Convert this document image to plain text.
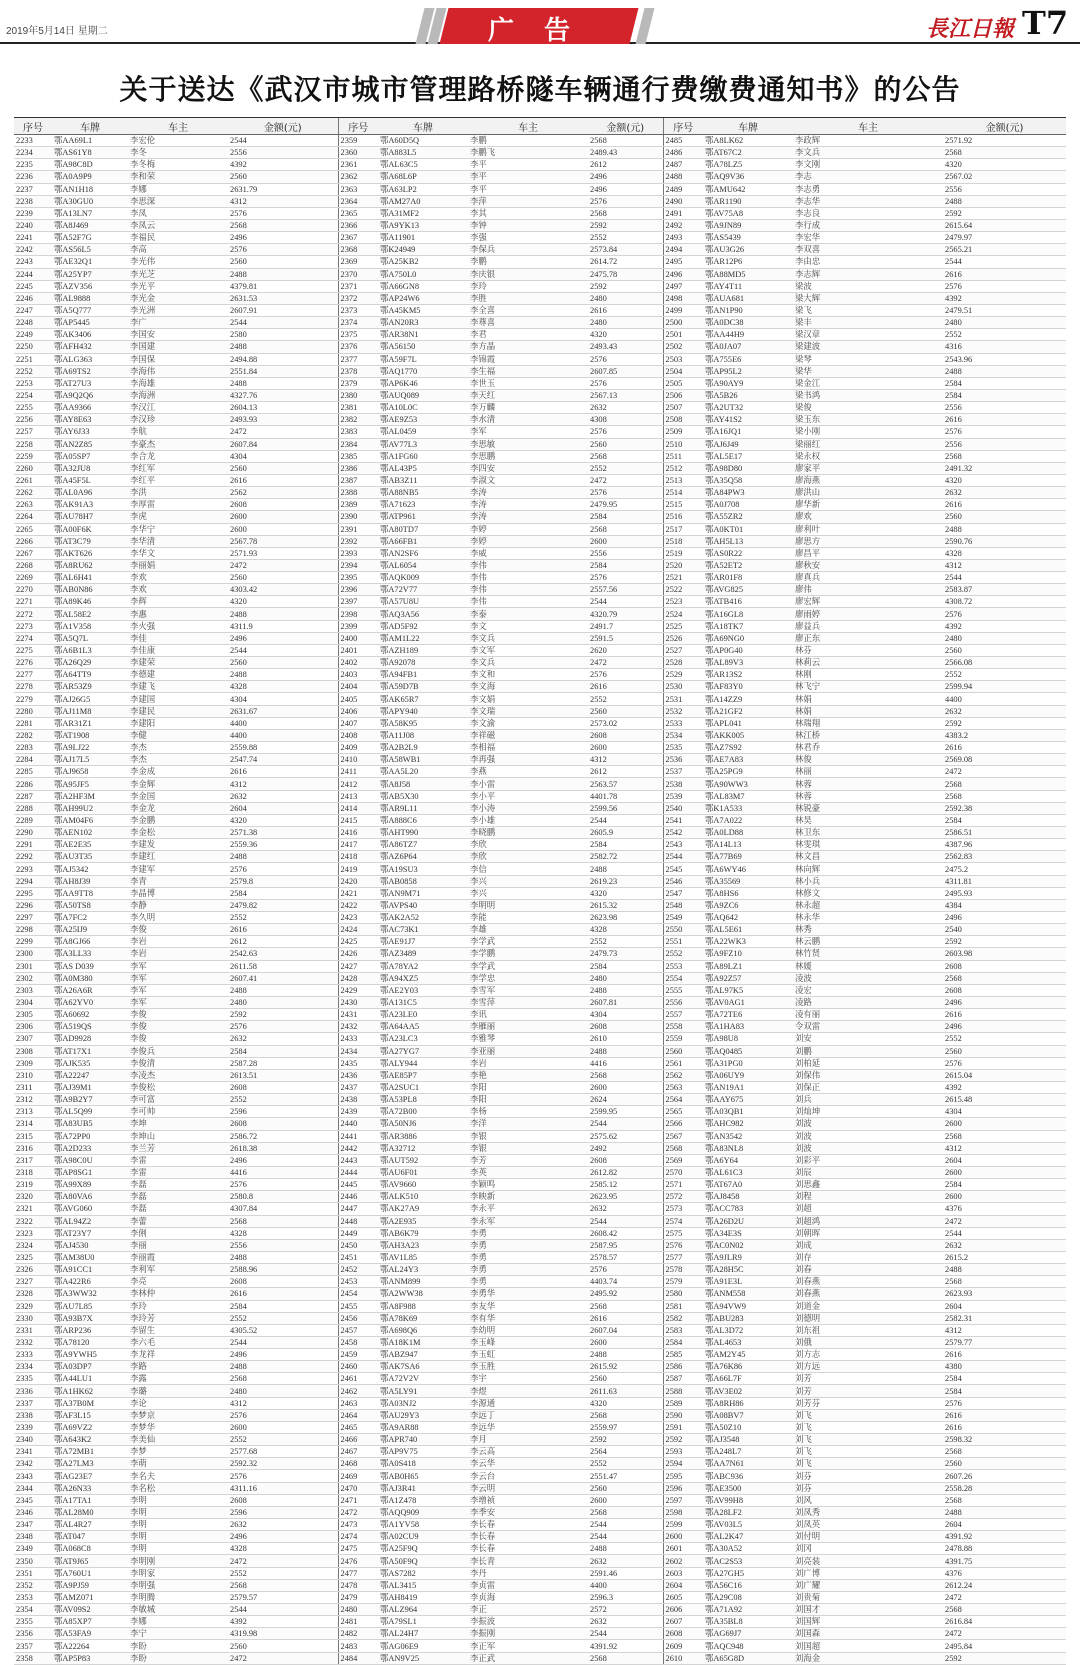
2019年5月14日 星期二	广告	長江日報 T7
关于送达《武汉市城市管理路桥隧车辆通行费缴费通知书》的公告
序号	车牌	车主	金额(元)	序号	车牌	车主	金额(元)	序号	车牌	车主	金额(元)
2233	鄂AA69L1	李宏伦	2544	2359	鄂A60D5Q	李鹏	2568	2485	鄂A8LK62	李政辉	2571.92
2234	鄂AS61Y8	李冬	2556	2360	鄂A883L5	李鹏飞	2489.43	2486	鄂AT67C2	李文兵	2568
2235	鄂A98C8D	李冬梅	4392	2361	鄂AL63C5	李平	2612	2487	鄂A78LZ5	李文刚	4320
2236	鄂A0A9P9	李和荣	2560	2362	鄂A68L6P	李平	2496	2488	鄂AQ9V36	李志	2567.02
2237	鄂AN1H18	李娜	2631.79	2363	鄂A63LP2	李平	2496	2489	鄂AMU642	李志勇	2556
2238	鄂A30GU0	李思深	4312	2364	鄂AM27A0	李萍	2576	2490	鄂AR1190	李志华	2488
2239	鄂A13LN7	李凤	2576	2365	鄂A31MF2	李其	2568	2491	鄂AV75A8	李志良	2592
2240	鄂A8J469	李凤云	2568	2366	鄂A9YK13	李钟	2592	2492	鄂A9JN89	李行成	2615.64
2241	鄂A52F7G	李福民	2496	2367	鄂A11901	李强	2552	2493	鄂AS5439	李宏华	2479.97
2242	鄂AS56L5	李高	2576	2368	鄂K24949	李保兵	2573.84	2494	鄂AU3G26	李双喜	2565.21
2243	鄂AE32Q1	李光伟	2560	2369	鄂A25KB2	李鹏	2614.72	2495	鄂AR12P6	李由忠	2544
2244	鄂A25YP7	李光芝	2488	2370	鄂A750L0	李庆银	2475.78	2496	鄂A88MD5	李志辉	2616
2245	鄂AZV356	李光平	4379.81	2371	鄂A66GN8	李玲	2592	2497	鄂AY4T11	梁波	2576
2246	鄂AL9888	李光金	2631.53	2372	鄂AP24W6	李胜	2480	2498	鄂AUA681	梁大辉	4392
2247	鄂A5Q777	李光洲	2607.91	2373	鄂A45KM5	李全喜	2616	2499	鄂AN1P90	梁飞	2479.51
2248	鄂AP5445	李广	2544	2374	鄂AN20R3	李尊喜	2480	2500	鄂A0DC38	梁丰	2480
2249	鄂AK3406	李国安	2580	2375	鄂AR38N1	李君	4320	2501	鄂AA44H9	梁汉章	2552
2250	鄂AFH432	李国建	2488	2376	鄂A56150	李方晶	2493.43	2502	鄂A0JA07	梁建波	4316
2251	鄂ALG363	李国保	2494.88	2377	鄂A59F7L	李锦霞	2576	2503	鄂A755E6	梁琴	2543.96
2252	鄂A69TS2	李海伟	2551.84	2378	鄂AQ1770	李生福	2607.85	2504	鄂AP95L2	梁华	2488
2253	鄂AT27U3	李海雄	2488	2379	鄂AP6K46	李世玉	2576	2505	鄂A90AY9	梁金江	2584
2254	鄂A9Q2Q6	李海洲	4327.76	2380	鄂AUQ089	李天红	2567.13	2506	鄂A5B26	梁书鸿	2584
2255	鄂AA9366	李汉江	2604.13	2381	鄂A10L0C	李万麟	2632	2507	鄂A2UT32	梁俊	2556
2256	鄂AY8E63	李汉珍	2493.93	2382	鄂AE9Z53	李水清	4308	2508	鄂AY41S2	梁玉东	2616
2257	鄂AY6J33	李航	2472	2383	鄂AL0459	李军	2576	2509	鄂A16JQ1	梁小刚	2576
2258	鄂AN2Z85	李豪杰	2607.84	2384	鄂AV77L3	李思敏	2560	2510	鄂AJ6J49	梁丽红	2556
2259	鄂A05SP7	李合龙	4304	2385	鄂A1FG60	李思鹏	2568	2511	鄂AL5E17	梁永权	2568
2260	鄂A32JU8	李红军	2560	2386	鄂AL43P5	李四安	2552	2512	鄂A98D80	廖家平	2491.32
2261	鄂A45F5L	李红平	2616	2387	鄂AB3Z11	李淑文	2472	2513	鄂A35Q58	廖海燕	4320
2262	鄂AL0A96	李洪	2562	2388	鄂A88NB5	李涛	2576	2514	鄂A84PW3	廖洪山	2632
2263	鄂AK91A3	李厚雷	2608	2389	鄂A71623	李涛	2479.95	2515	鄂A0J708	廖华新	2616
2264	鄂AU78H7	李虎	2600	2390	鄂ATP961	李涛	2584	2516	鄂A55ZR2	廖欢	2560
2265	鄂A00F6K	李华宁	2600	2391	鄂A80TD7	李婷	2568	2517	鄂A0KT01	廖利叶	2488
2266	鄂AT3C79	李华清	2567.78	2392	鄂A66FB1	李婷	2600	2518	鄂AH5L13	廖思方	2590.76
2267	鄂AKT626	李华文	2571.93	2393	鄂AN2SF6	李威	2556	2519	鄂AS0R22	廖昌平	4328
2268	鄂A8RU62	李丽娟	2472	2394	鄂AL6054	李伟	2584	2520	鄂A52ET2	廖秋安	4312
2269	鄂AL6H41	李欢	2560	2395	鄂AQK009	李伟	2576	2521	鄂AR01F8	廖真兵	2544
2270	鄂AB0N86	李欢	4303.42	2396	鄂A72V77	李伟	2557.56	2522	鄂AVG825	廖伟	2583.87
2271	鄂A89K46	李辉	4320	2397	鄂A57U8U	李伟	2544	2523	鄂ATB416	廖宏辉	4308.72
2272	鄂AL58E2	李惠	2488	2398	鄂AQ3A56	李泰	4320.79	2524	鄂A16GL8	廖雨婷	2576
2273	鄂A1V358	李火强	4311.9	2399	鄂AD5F92	李文	2491.7	2525	鄂A18TK7	廖益兵	4392
2274	鄂A5Q7L	李佳	2496	2400	鄂AM1L22	李文兵	2591.5	2526	鄂A69NG0	廖正东	2480
2275	鄂A6B1L3	李佳康	2544	2401	鄂AZH189	李文军	2620	2527	鄂AP0G40	林芬	2560
2276	鄂A26Q29	李建荣	2560	2402	鄂A92078	李文兵	2472	2528	鄂AL89V3	林莉云	2566.08
2277	鄂A64TT9	李德建	2488	2403	鄂A94FB1	李文和	2576	2529	鄂AR13S2	林刚	2552
2278	鄂AR53Z9	李建飞	4328	2404	鄂A59D7B	李文海	2616	2530	鄂AF83Y0	林飞宁	2599.94
2279	鄂AJ26G5	李建国	4304	2405	鄂AK65R7	李文娟	2552	2531	鄂A14ZZ9	林娟	4400
2280	鄂AJ11M8	李建民	2631.67	2406	鄂APY940	李文瑞	2560	2532	鄂A21GF2	林娟	2632
2281	鄂AR31Z1	李建阳	4400	2407	鄂A58K95	李文渝	2573.02	2533	鄂APL041	林瑞翔	2592
2282	鄂AT1908	李健	4400	2408	鄂A11J08	李祥磁	2608	2534	鄂AKK005	林江桥	4383.2
2283	鄂A9LJ22	李杰	2559.88	2409	鄂A2B2L9	李相福	2600	2535	鄂AZ7S92	林君乔	2616
2284	鄂AJ17L5	李杰	2547.74	2410	鄂A58WB1	李再强	4312	2536	鄂AE7A83	林俊	2569.08
2285	鄂AJ9658	李金成	2616	2411	鄂AA5L20	李燕	2612	2537	鄂A25PG9	林丽	2472
2286	鄂A95JF5	李金辉	4312	2412	鄂A8J58	李小雷	2563.57	2538	鄂A90WW3	林蓉	2568
2287	鄂A2HF3M	李金国	2632	2413	鄂AB5X30	李小平	4401.78	2539	鄂AL83M7	林蓉	2568
2288	鄂AH99U2	李金龙	2604	2414	鄂AR9L11	李小涛	2599.56	2540	鄂K1A533	林锐豪	2592.38
2289	鄂AM04F6	李金鹏	4320	2415	鄂A888C6	李小雄	2544	2541	鄂A7A022	林昊	2584
2290	鄂AEN102	李金松	2571.38	2416	鄂AHT990	李晓鹏	2605.9	2542	鄂A0LD88	林卫东	2586.51
2291	鄂AE2E35	李建发	2559.36	2417	鄂A86TZ7	李欣	2584	2543	鄂A14L13	林雯琪	4387.96
2292	鄂AU3T35	李建红	2488	2418	鄂AZ6P64	李欣	2582.72	2544	鄂A77B69	林文昌	2562.83
2293	鄂AJ5342	李建军	2576	2419	鄂A19SU3	李信	2488	2545	鄂A6WY46	林向辉	2475.2
2294	鄂AH8J39	李青	2579.8	2420	鄂AB0858	李兴	2619.23	2546	鄂A35569	林小兵	4311.81
2295	鄂AA9TT8	李晶博	2584	2421	鄂AN9M71	李兴	4320	2547	鄂A8HS6	林修文	2495.93
2296	鄂A50TS8	李静	2479.82	2422	鄂AVPS40	李明明	2615.32	2548	鄂A9ZC6	林永超	4384
2297	鄂A7FC2	李久明	2552	2423	鄂AK2A52	李能	2623.98	2549	鄂AQ642	林永华	2496
2298	鄂A25IJ9	李俊	2616	2424	鄂AC73K1	李雄	4328	2550	鄂AL5E61	林秀	2540
2299	鄂A8GJ66	李岩	2612	2425	鄂AE91J7	李学武	2552	2551	鄂A22WK3	林云鹏	2592
2300	鄂A3LL33	李岩	2542.63	2426	鄂AZ3489	李学鹏	2479.73	2552	鄂A9FZ10	林竹贤	2603.98
2301	鄂AS D039	李军	2611.58	2427	鄂A78YA2	李学武	2584	2553	鄂A89LZ1	林媛	2608
2302	鄂A0M380	李军	2607.41	2428	鄂A94XZ5	李学忠	2480	2554	鄂A92Z57	凌波	2568
2303	鄂A26A6R	李军	2488	2429	鄂AE2Y03	李雪军	2488	2555	鄂AL97K5	凌宏	2608
2304	鄂A62YV0	李军	2480	2430	鄂A131C5	李雪萍	2607.81	2556	鄂AV0AG1	凌路	2496
2305	鄂A60692	李俊	2592	2431	鄂A23LE0	李讯	4304	2557	鄂A72TE6	凌有丽	2616
2306	鄂A519QS	李俊	2576	2432	鄂A64AA5	李雁丽	2608	2558	鄂A1HA83	令双雷	2496
2307	鄂AD9928	李俊	2632	2433	鄂A23LC3	李雅琴	2610	2559	鄂A98U8	刘安	2552
2308	鄂AT17X1	李俊兵	2584	2434	鄂A27YG7	李亚丽	2488	2560	鄂AQ0485	刘鹏	2560
2309	鄂AJK535	李俊清	2587.28	2435	鄂ALY944	李岩	4416	2561	鄂A31PG0	刘柏延	2576
2310	鄂A22247	李凌杰	2613.51	2436	鄂AE85P7	李艳	2568	2562	鄂A06UY9	刘保伟	2615.04
2311	鄂AJ39M1	李俊松	2608	2437	鄂A2SUC1	李阳	2600	2563	鄂AN19A1	刘保正	4392
2312	鄂A9B2Y7	李可富	2552	2438	鄂A53PL8	李阳	2624	2564	鄂AAY675	刘兵	2615.48
2313	鄂AL5Q99	李可帅	2596	2439	鄂A72B00	李杨	2599.95	2565	鄂A03QB1	刘灿坤	4304
2314	鄂A83UB5	李坤	2608	2440	鄂A50NJ6	李洋	2544	2566	鄂AHC982	刘波	2600
2315	鄂A72PP0	李坤山	2586.72	2441	鄂AR3886	李银	2575.62	2567	鄂AN3542	刘波	2568
2316	鄂A2D233	李兰芳	2618.38	2442	鄂A32712	李银	2492	2568	鄂A83NL8	刘波	4312
2317	鄂A98C0U	李雷	2496	2443	鄂AUT592	李芳	2608	2569	鄂A6Y64	刘彩平	2604
2318	鄂AP8SG1	李雷	4416	2444	鄂AU6F01	李英	2612.82	2570	鄂AL61C3	刘辰	2600
2319	鄂A99X89	李磊	2576	2445	鄂AV9660	李颖鸣	2585.12	2571	鄂AT67A0	刘思鑫	2584
2320	鄂A80VA6	李磊	2580.8	2446	鄂ALK510	李映新	2623.95	2572	鄂AJ8458	刘程	2600
2321	鄂AVG060	李磊	4307.84	2447	鄂AK27A9	李永平	2632	2573	鄂ACC783	刘超	4376
2322	鄂AL94Z2	李蕾	2568	2448	鄂A2E935	李永军	2544	2574	鄂A26D2U	刘超鸿	2472
2323	鄂AT23Y7	李俐	4328	2449	鄂AB6K79	李勇	2608.42	2575	鄂A34E3S	刘朝晖	2544
2324	鄂AJ4530	李丽	2556	2450	鄂AH3A23	李勇	2587.95	2576	鄂AC0N02	刘成	2632
2325	鄂AM38U0	李丽霞	2488	2451	鄂AV1L85	李勇	2578.57	2577	鄂A9JLR9	刘存	2615.2
2326	鄂A91CC1	李利军	2588.96	2452	鄂AL24Y3	李勇	2576	2578	鄂A28H5C	刘春	2488
2327	鄂A422R6	李亮	2608	2453	鄂ANM899	李勇	4403.74	2579	鄂A91E3L	刘春燕	2568
2328	鄂A3WW32	李林仲	2616	2454	鄂A2WW38	李勇华	2495.92	2580	鄂ANM558	刘春燕	2623.93
2329	鄂AU7L85	李玲	2584	2455	鄂A8F988	李友华	2568	2581	鄂A94VW9	刘道金	2604
2330	鄂A93B7X	李玲芳	2552	2456	鄂A78K69	李有华	2616	2582	鄂ABU283	刘德明	2582.31
2331	鄂ARP236	李留生	4305.52	2457	鄂A698Q6	李幼明	2607.04	2583	鄂AL3D72	刘东祖	4312
2332	鄂A78120	李六毛	2544	2458	鄂A18K1M	李玉峰	2600	2584	鄂AL4653	刘俄	2579.77
2333	鄂A9YWH5	李龙祥	2496	2459	鄂ABZ947	李玉虹	2488	2585	鄂AM2Y45	刘方志	2616
2334	鄂A03DP7	李路	2488	2460	鄂AK7SA6	李玉胜	2615.92	2586	鄂A76K86	刘方远	4380
2335	鄂A44LU1	李露	2568	2461	鄂A72V2V	李宇	2560	2587	鄂A66L7F	刘芳	2584
2336	鄂A1HK62	李璐	2480	2462	鄂A5LY91	李煜	2611.63	2588	鄂AV3E02	刘芳	2584
2337	鄂A37B0M	李论	4312	2463	鄂A03NJ2	李源通	4320	2589	鄂A8RH86	刘芳芬	2576
2338	鄂AF3L15	李梦京	2576	2464	鄂AU29Y3	李远丁	2568	2590	鄂A08BV7	刘飞	2616
2339	鄂A69VZ2	李梦华	2600	2465	鄂A9AR88	李远华	2559.97	2591	鄂A50Z10	刘飞	2616
2340	鄂A643K2	李美仙	2552	2466	鄂APR740	李月	2592	2592	鄂AJ3548	刘飞	2598.32
2341	鄂A72MB1	李梦	2577.68	2467	鄂AP9V75	李云高	2564	2593	鄂A248L7	刘飞	2568
2342	鄂A27LM3	李萌	2592.32	2468	鄂A0S418	李云华	2552	2594	鄂AA7N61	刘飞	2560
2343	鄂AG23E7	李名夫	2576	2469	鄂AB0H65	李云台	2551.47	2595	鄂ABC936	刘芬	2607.26
2344	鄂A26N33	李名松	4311.16	2470	鄂AJ3R41	李云明	2560	2596	鄂AE3500	刘芬	2558.28
2345	鄂A17TA1	李明	2608	2471	鄂A1Z478	李增祯	2600	2597	鄂AV99H8	刘风	2568
2346	鄂AL28M0	李明	2596	2472	鄂AQQ909	李季安	2568	2598	鄂A28LF2	刘凤秀	2488
2347	鄂AL4R27	李明	2632	2473	鄂A1YV58	李长春	2544	2599	鄂AV03L5	刘凤英	2604
2348	鄂AT047	李明	2496	2474	鄂A02CU9	李长春	2544	2600	鄂AL2K47	刘付明	4391.92
2349	鄂A068C8	李明	4328	2475	鄂A25F9Q	李长春	2488	2601	鄂A30A52	刘冈	2478.88
2350	鄂AT9J65	李明刚	2472	2476	鄂A50F9Q	李长青	2632	2602	鄂AC2S53	刘亮装	4391.75
2351	鄂A760U1	李明家	2552	2477	鄂AS7282	李丹	2591.46	2603	鄂A27GH5	刘广博	4376
2352	鄂A9PJ59	李明强	2568	2478	鄂AL3415	李贞雷	4400	2604	鄂A56C16	刘广耀	2612.24
2353	鄂AMZ071	李明腾	2579.57	2479	鄂AH8419	李贞海	2596.3	2605	鄂A29C08	刘贵菊	2472
2354	鄂AV09S2	李敏城	2544	2480	鄂ALZ964	李正	2572	2606	鄂A71A92	刘国才	2568
2355	鄂A85XP7	李娜	4392	2481	鄂A79SL1	李振波	2632	2607	鄂A35BL8	刘国辉	2616.84
2356	鄂A53FA9	李宁	4319.98	2482	鄂AL24H7	李振刚	2544	2608	鄂AG69J7	刘国森	2472
2357	鄂A22264	李盼	2560	2483	鄂AG06E9	李正军	4391.92	2609	鄂AQC948	刘国超	2495.84
2358	鄂AP5P83	李盼	2472	2484	鄂AN9V25	李正武	2568	2610	鄂A65G8D	刘海金	2592
